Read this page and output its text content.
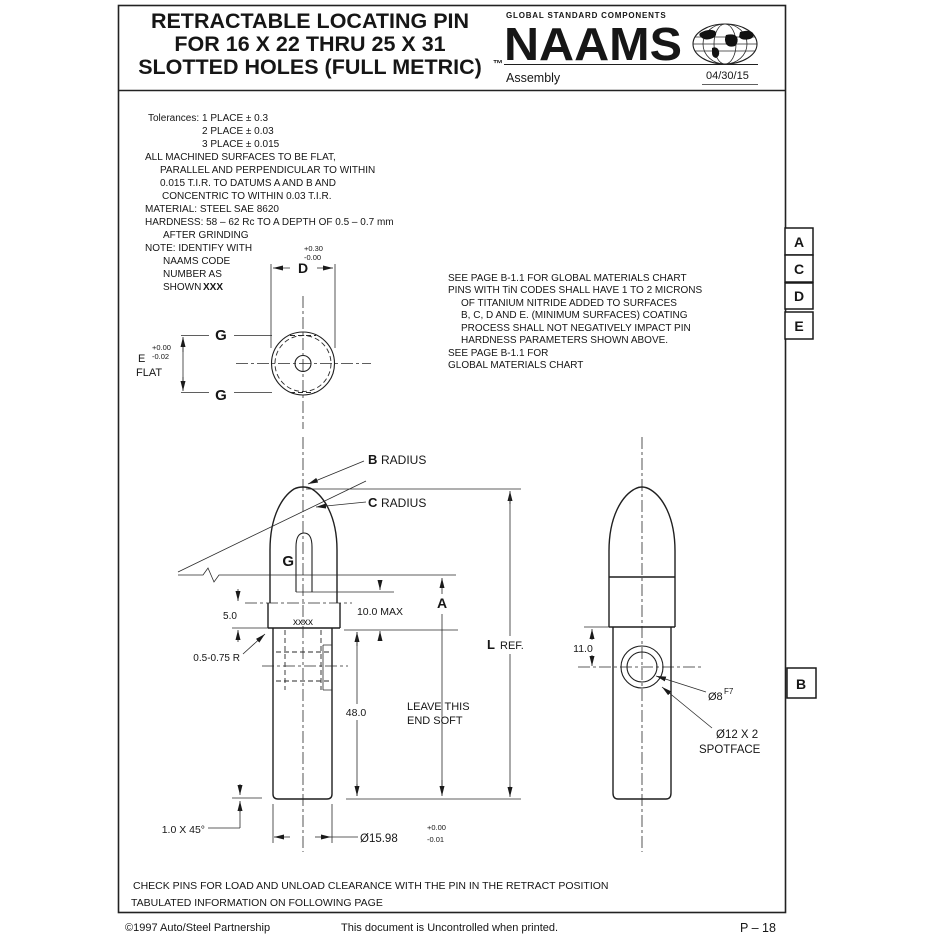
RETRACTABLE LOCATING PIN
FOR 16 X 22 THRU 25 X 31
SLOTTED HOLES (FULL METRIC) ™
GLOBAL STANDARD COMPONENTS
NAAMS
Assembly	04/30/15
Tolerances: 1 PLACE ± 0.3
2 PLACE ± 0.03
3 PLACE ± 0.015
ALL MACHINED SURFACES TO BE FLAT,
PARALLEL AND PERPENDICULAR TO WITHIN
0.015 T.I.R. TO DATUMS A AND B AND
CONCENTRIC TO WITHIN 0.03 T.I.R.
MATERIAL: STEEL SAE 8620
HARDNESS: 58 – 62 Rc TO A DEPTH OF 0.5 – 0.7 mm
AFTER GRINDING
NOTE: IDENTIFY WITH
NAAMS CODE
NUMBER AS
SHOWN XXX
SEE PAGE B-1.1 FOR GLOBAL MATERIALS CHART
PINS WITH TiN CODES SHALL HAVE 1 TO 2 MICRONS
OF TITANIUM NITRIDE ADDED TO SURFACES
B, C, D AND E. (MINIMUM SURFACES) COATING
PROCESS SHALL NOT NEGATIVELY IMPACT PIN
HARDNESS PARAMETERS SHOWN ABOVE.
SEE PAGE B-1.1 FOR
GLOBAL MATERIALS CHART
A
C
D
E
B
D
+0.30
-0.00
G
G
E
+0.00
-0.02
FLAT
xxxx
G
B RADIUS
C RADIUS
5.0
0.5-0.75 R
10.0 MAX
A
L REF.
48.0	LEAVE THIS
END SOFT
1.0 X 45°
Ø15.98
+0.00
-0.01
11.0
Ø8 F7
Ø12 X 2
SPOTFACE
CHECK PINS FOR LOAD AND UNLOAD CLEARANCE WITH THE PIN IN THE RETRACT POSITION
TABULATED INFORMATION ON FOLLOWING PAGE
©1997 Auto/Steel Partnership	This document is Uncontrolled when printed.	P – 18
